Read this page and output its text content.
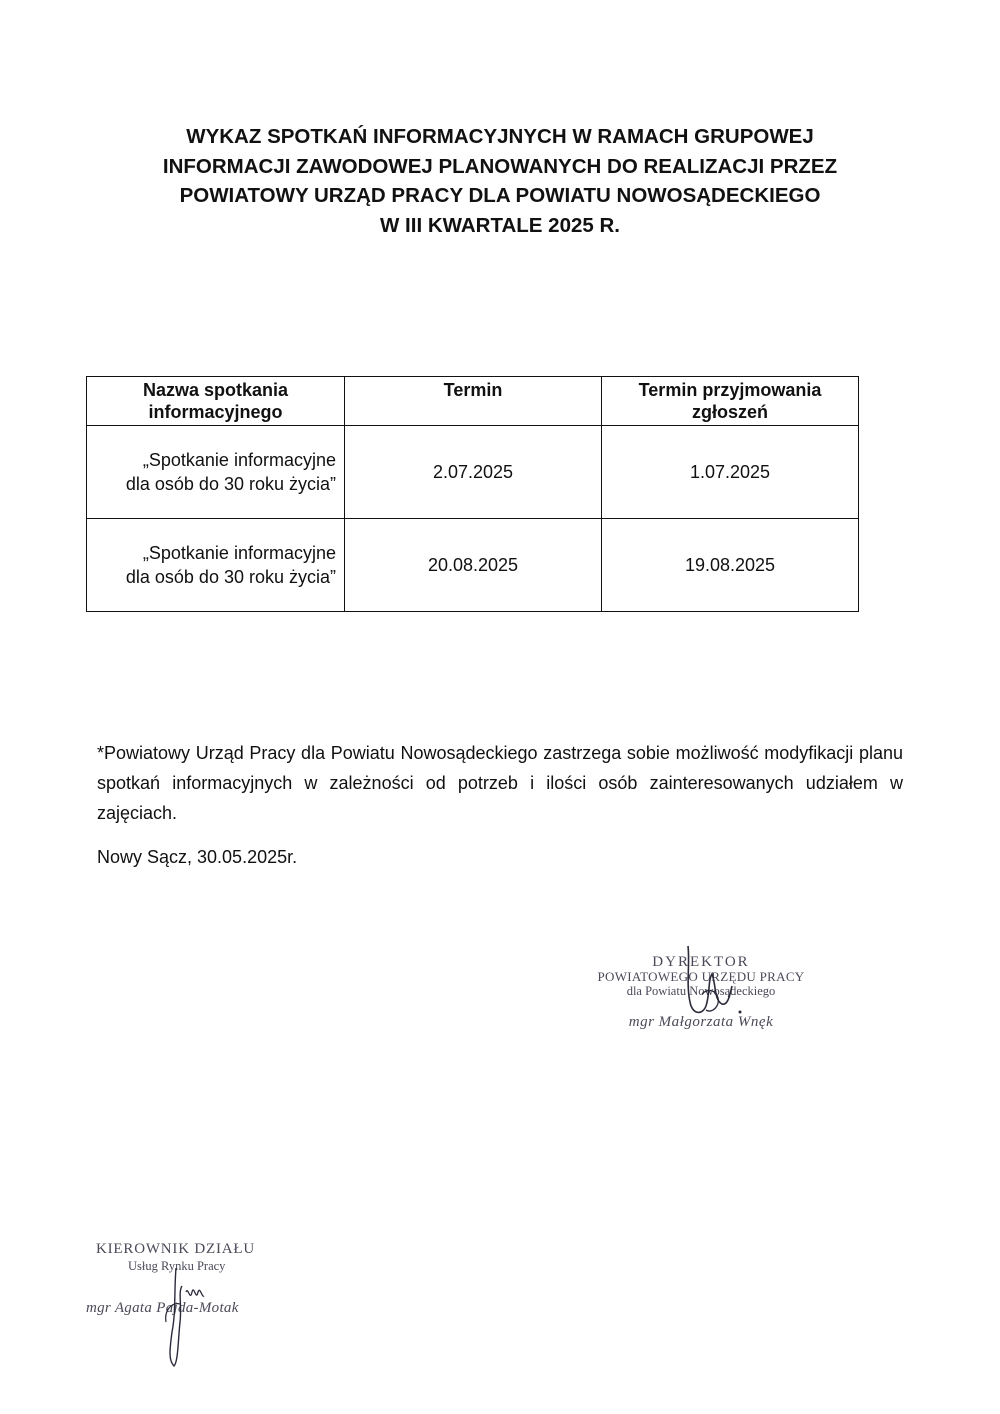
WYKAZ SPOTKAŃ INFORMACYJNYCH W RAMACH GRUPOWEJ
INFORMACJI ZAWODOWEJ PLANOWANYCH DO REALIZACJI PRZEZ
POWIATOWY URZĄD PRACY DLA POWIATU NOWOSĄDECKIEGO
W III KWARTALE 2025 R.
Nazwa spotkania
informacyjnego	Termin	Termin przyjmowania
zgłoszeń

„Spotkanie informacyjne
dla osób do 30 roku życia”	2.07.2025	1.07.2025

„Spotkanie informacyjne
dla osób do 30 roku życia”	20.08.2025	19.08.2025

*Powiatowy Urząd Pracy dla Powiatu Nowosądeckiego zastrzega sobie możliwość modyfikacji planu spotkań informacyjnych w zależności od potrzeb i ilości osób zainteresowanych udziałem w zajęciach.

Nowy Sącz, 30.05.2025r.

DYREKTOR
POWIATOWEGO URZĘDU PRACY
dla Powiatu Nowosądeckiego
mgr Małgorzata Wnęk
KIEROWNIK DZIAŁU
Usług Rynku Pracy
mgr Agata Pajda-Motak
